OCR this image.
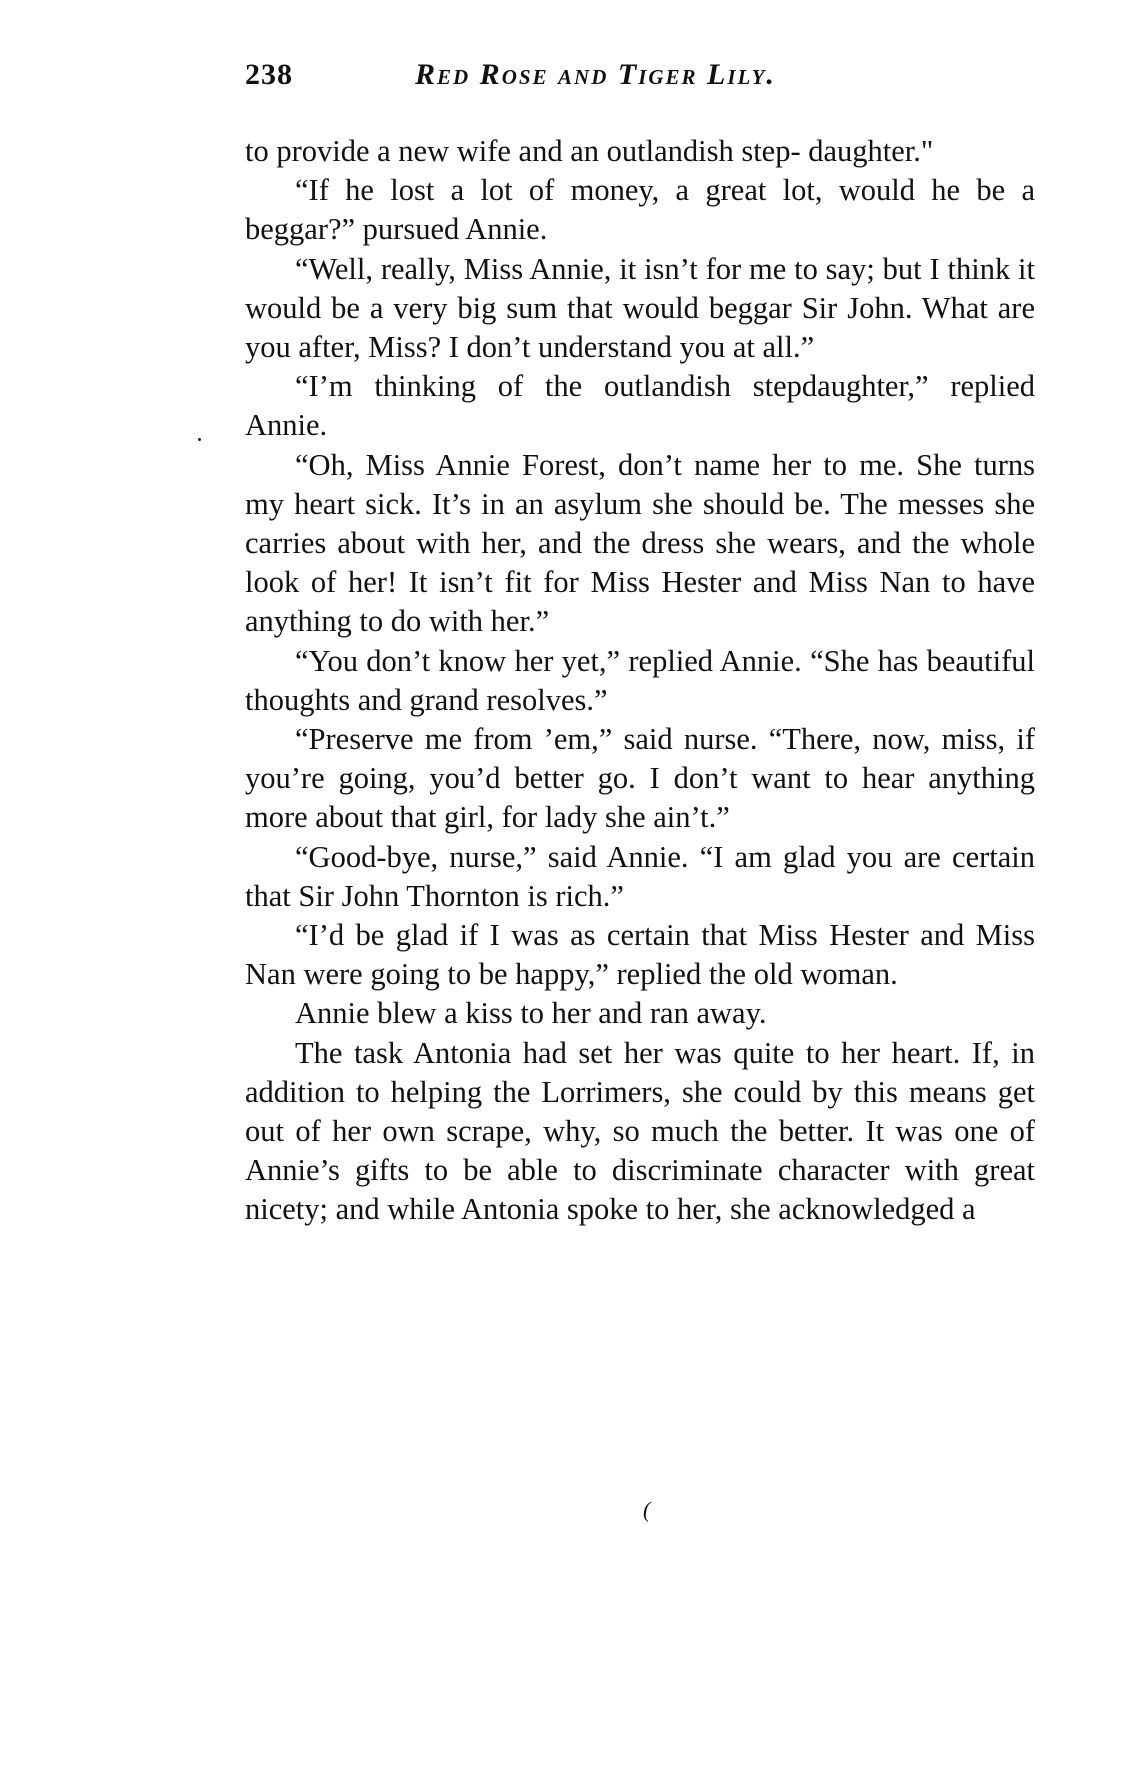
238	Red Rose and Tiger Lily.

to provide a new wife and an outlandish step- daughter."

“If he lost a lot of money, a great lot, would he be a beggar?” pursued Annie.

“Well, really, Miss Annie, it isn’t for me to say; but I think it would be a very big sum that would beggar Sir John. What are you after, Miss? I don’t understand you at all.”

“I’m thinking of the outlandish stepdaughter,” replied Annie.

“Oh, Miss Annie Forest, don’t name her to me. She turns my heart sick. It’s in an asylum she should be. The messes she carries about with her, and the dress she wears, and the whole look of her! It isn’t fit for Miss Hester and Miss Nan to have anything to do with her.”

“You don’t know her yet,” replied Annie. “She has beautiful thoughts and grand resolves.”

“Preserve me from ’em,” said nurse. “There, now, miss, if you’re going, you’d better go. I don’t want to hear anything more about that girl, for lady she ain’t.”

“Good-bye, nurse,” said Annie. “I am glad you are certain that Sir John Thornton is rich.”

“I’d be glad if I was as certain that Miss Hester and Miss Nan were going to be happy,” replied the old woman.

Annie blew a kiss to her and ran away.

The task Antonia had set her was quite to her heart. If, in addition to helping the Lorrimers, she could by this means get out of her own scrape, why, so much the better. It was one of Annie’s gifts to be able to discriminate character with great nicety; and while Antonia spoke to her, she acknowledged a

(
